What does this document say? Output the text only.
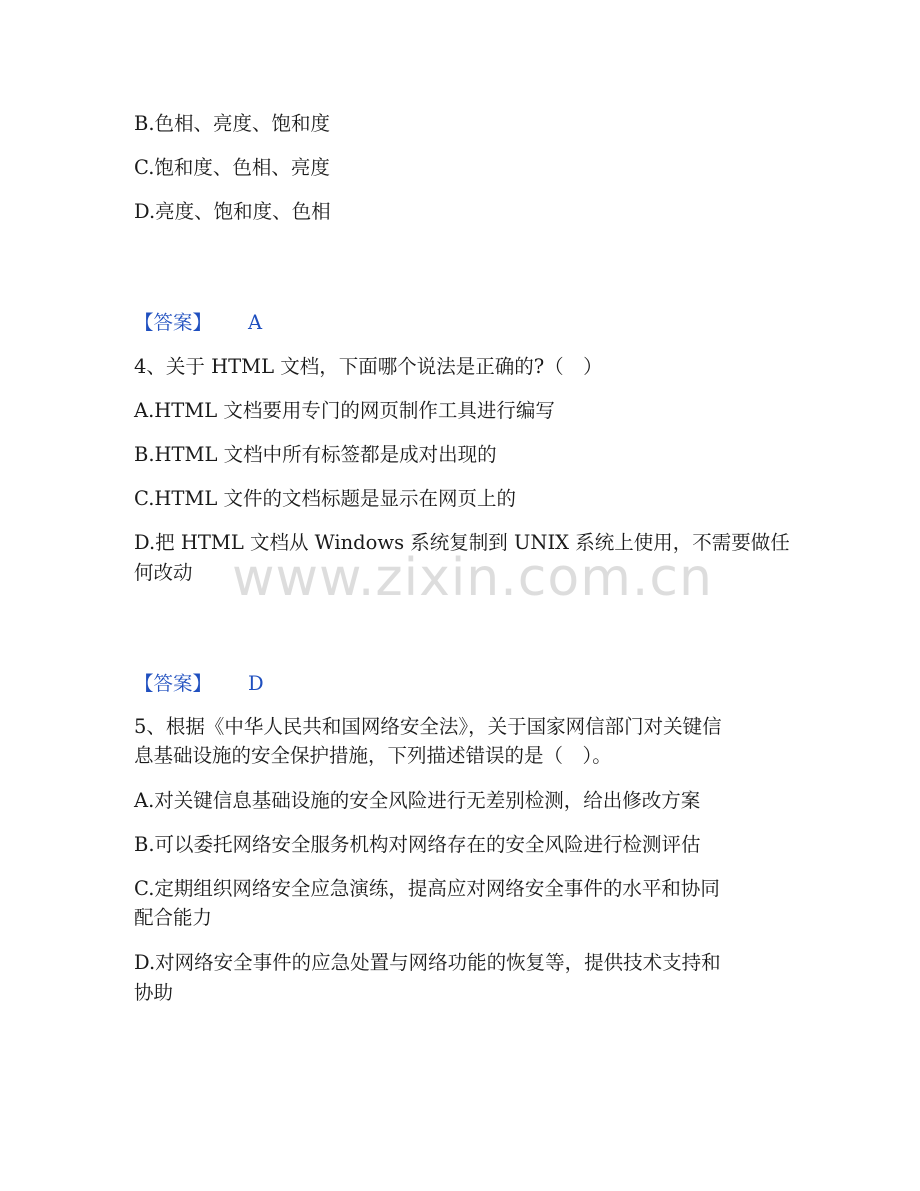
B.色相、亮度、饱和度
C.饱和度、色相、亮度
D.亮度、饱和度、色相
【答案】 A
4、关于 HTML 文档，下面哪个说法是正确的?（　）
A.HTML 文档要用专门的网页制作工具进行编写
B.HTML 文档中所有标签都是成对出现的
C.HTML 文件的文档标题是显示在网页上的
D.把 HTML 文档从 Windows 系统复制到 UNIX 系统上使用，不需要做任
何改动 www.zixin.com.cn
【答案】 D
5、根据《中华人民共和国网络安全法》，关于国家网信部门对关键信
息基础设施的安全保护措施，下列描述错误的是（　）。
A.对关键信息基础设施的安全风险进行无差别检测，给出修改方案
B.可以委托网络安全服务机构对网络存在的安全风险进行检测评估
C.定期组织网络安全应急演练，提高应对网络安全事件的水平和协同
配合能力
D.对网络安全事件的应急处置与网络功能的恢复等，提供技术支持和
协助
